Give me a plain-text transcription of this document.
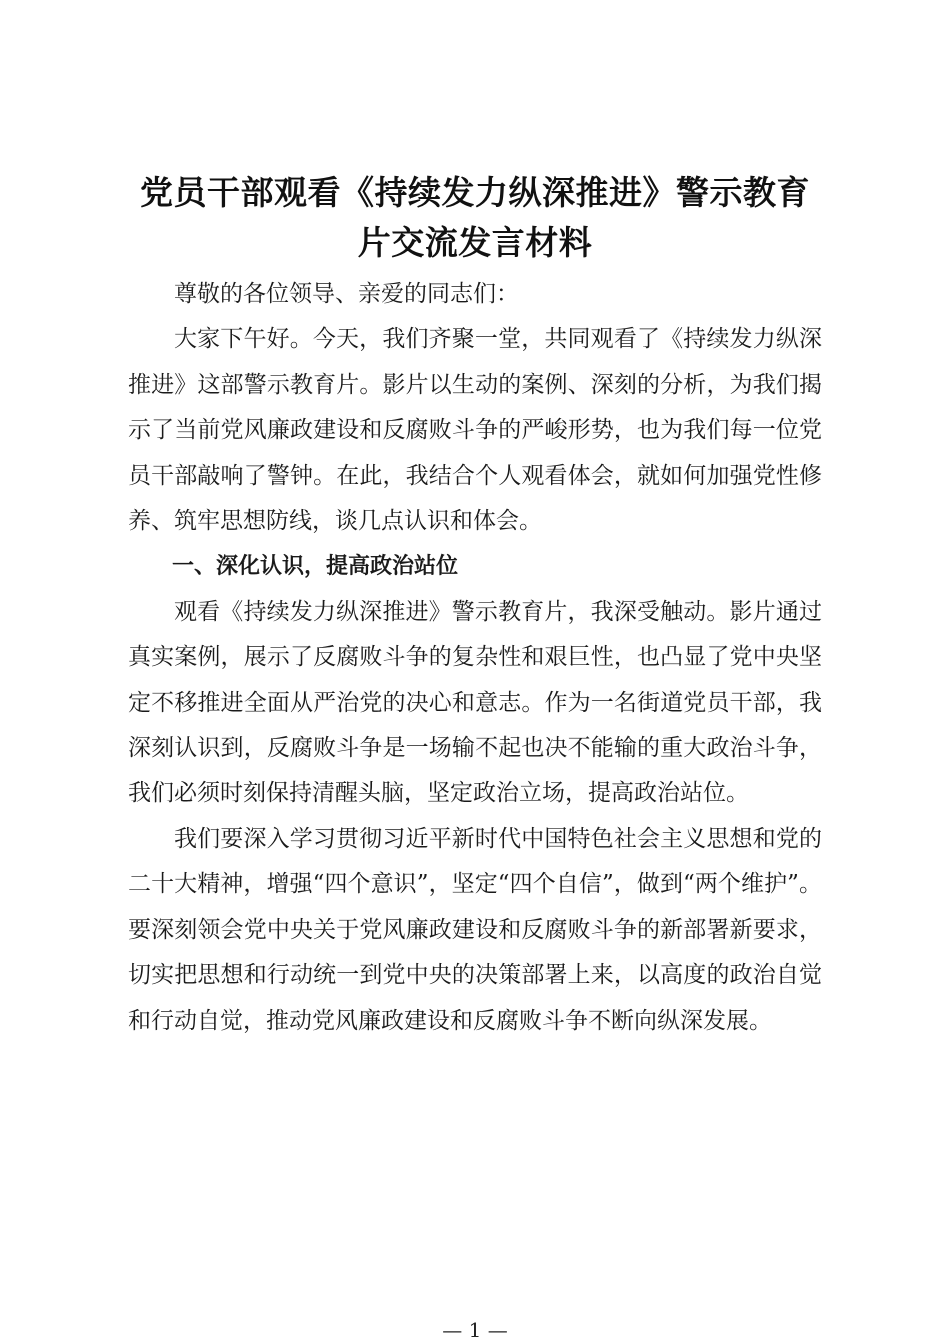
党员干部观看《持续发力纵深推进》警示教育片交流发言材料

尊敬的各位领导、亲爱的同志们：

大家下午好。今天，我们齐聚一堂，共同观看了《持续发力纵深推进》这部警示教育片。影片以生动的案例、深刻的分析，为我们揭示了当前党风廉政建设和反腐败斗争的严峻形势，也为我们每一位党员干部敲响了警钟。在此，我结合个人观看体会，就如何加强党性修养、筑牢思想防线，谈几点认识和体会。

一、深化认识，提高政治站位

观看《持续发力纵深推进》警示教育片，我深受触动。影片通过真实案例，展示了反腐败斗争的复杂性和艰巨性，也凸显了党中央坚定不移推进全面从严治党的决心和意志。作为一名街道党员干部，我深刻认识到，反腐败斗争是一场输不起也决不能输的重大政治斗争，我们必须时刻保持清醒头脑，坚定政治立场，提高政治站位。

我们要深入学习贯彻习近平新时代中国特色社会主义思想和党的二十大精神，增强“四个意识”，坚定“四个自信”，做到“两个维护”。要深刻领会党中央关于党风廉政建设和反腐败斗争的新部署新要求，切实把思想和行动统一到党中央的决策部署上来，以高度的政治自觉和行动自觉，推动党风廉政建设和反腐败斗争不断向纵深发展。

— 1 —
